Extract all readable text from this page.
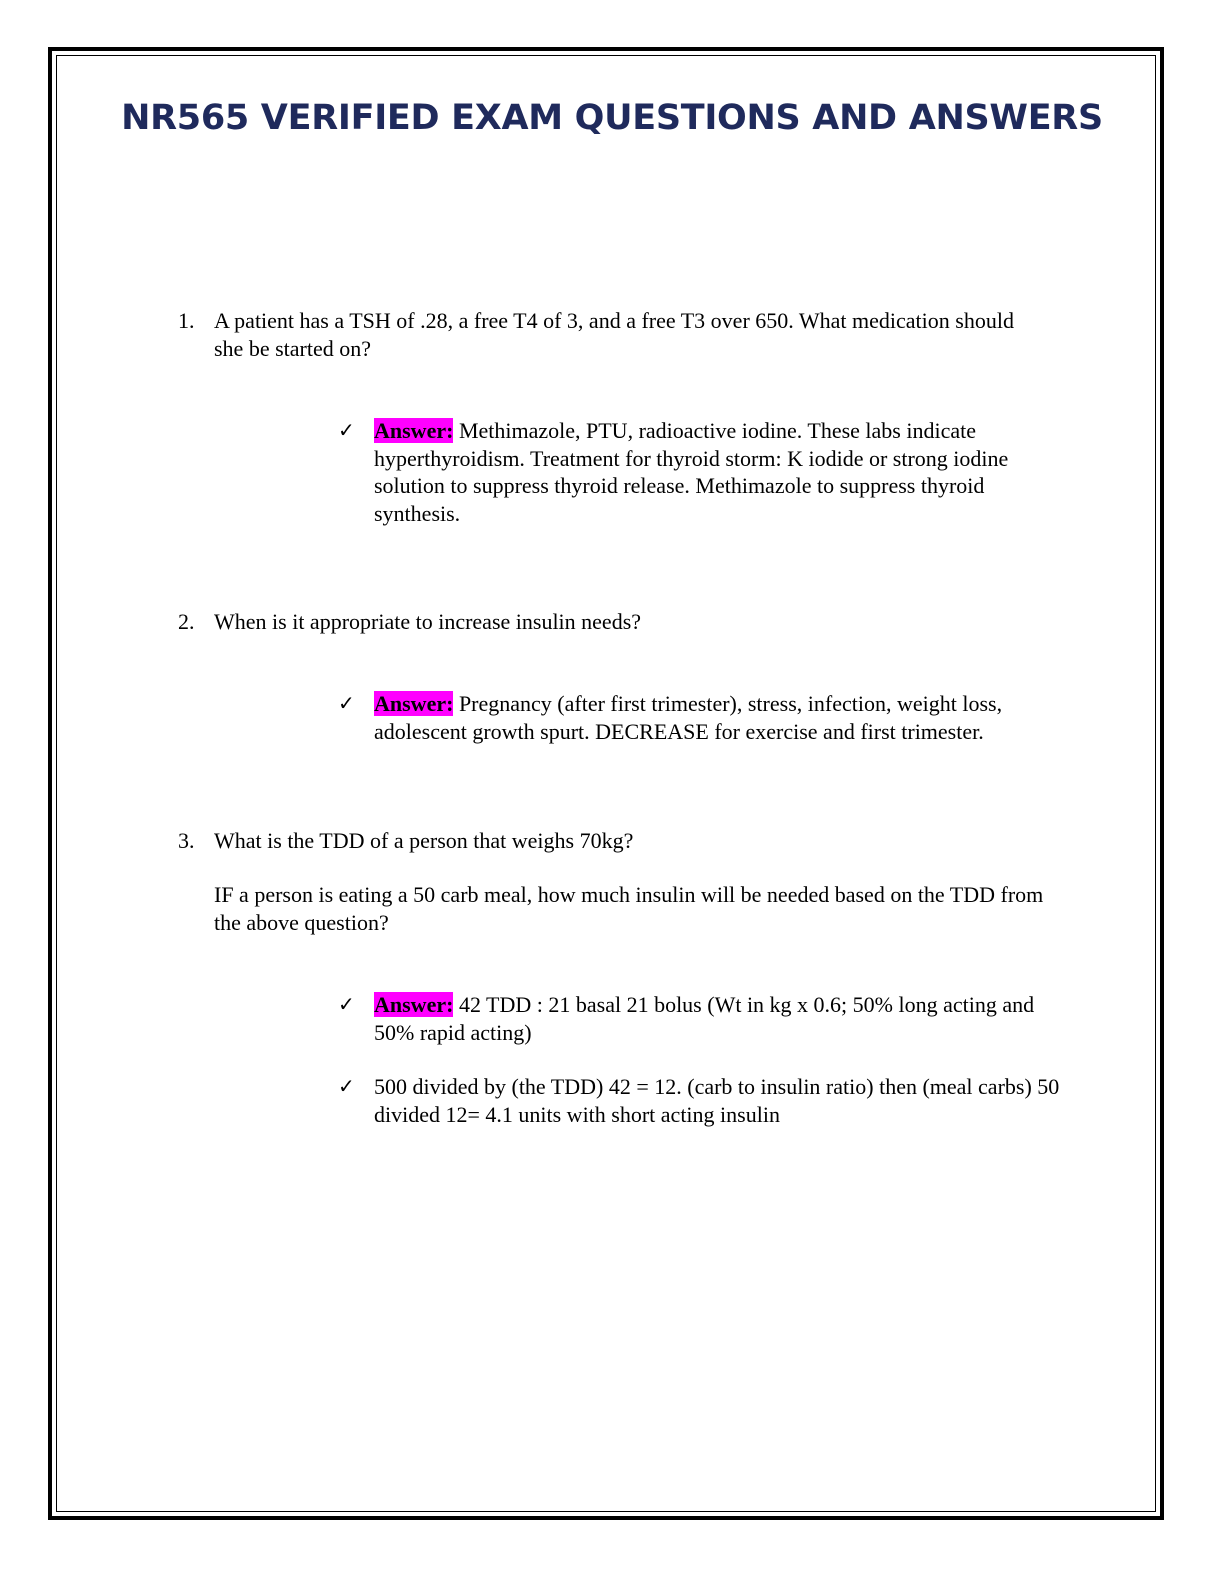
NR565 VERIFIED EXAM QUESTIONS AND ANSWERS
1. A patient has a TSH of .28, a free T4 of 3, and a free T3 over 650. What medication should she be started on?

✓ Answer: Methimazole, PTU, radioactive iodine. These labs indicate hyperthyroidism. Treatment for thyroid storm: K iodide or strong iodine solution to suppress thyroid release. Methimazole to suppress thyroid synthesis.

2. When is it appropriate to increase insulin needs?

✓ Answer: Pregnancy (after first trimester), stress, infection, weight loss, adolescent growth spurt. DECREASE for exercise and first trimester.

3. What is the TDD of a person that weighs 70kg?

IF a person is eating a 50 carb meal, how much insulin will be needed based on the TDD from the above question?

✓ Answer: 42 TDD : 21 basal 21 bolus (Wt in kg x 0.6; 50% long acting and 50% rapid acting)

✓ 500 divided by (the TDD) 42 = 12. (carb to insulin ratio) then (meal carbs) 50 divided 12= 4.1 units with short acting insulin
